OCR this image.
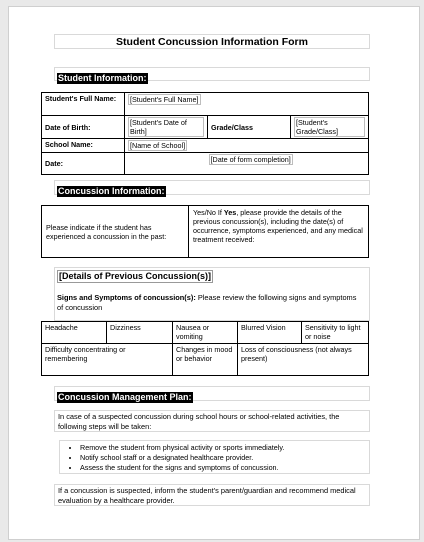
Student Concussion Information Form
Student Information:
Student's Full Name:	[Student's Full Name]		
Date of Birth:	[Student's Date of Birth]	Grade/Class	[Student's Grade/Class]
School Name:	[Name of School]		
Date:			[Date of form completion]
Concussion Information:
Please indicate if the student has experienced a concussion in the past:	Yes/No If Yes, please provide the details of the previous concussion(s), including the date(s) of occurrence, symptoms experienced, and any medical treatment received:
[Details of Previous Concussion(s)]
Signs and Symptoms of concussion(s): Please review the following signs and symptoms of concussion
Headache	Dizziness	Nausea or vomiting	Blurred Vision	Sensitivity to light or noise
Difficulty concentrating or remembering		Changes in mood or behavior	Loss of consciousness (not always present)	
Concussion Management Plan:
In case of a suspected concussion during school hours or school-related activities, the following steps will be taken:
• Remove the student from physical activity or sports immediately.
• Notify school staff or a designated healthcare provider.
• Assess the student for the signs and symptoms of concussion.
If a concussion is suspected, inform the student's parent/guardian and recommend medical evaluation by a healthcare provider.
